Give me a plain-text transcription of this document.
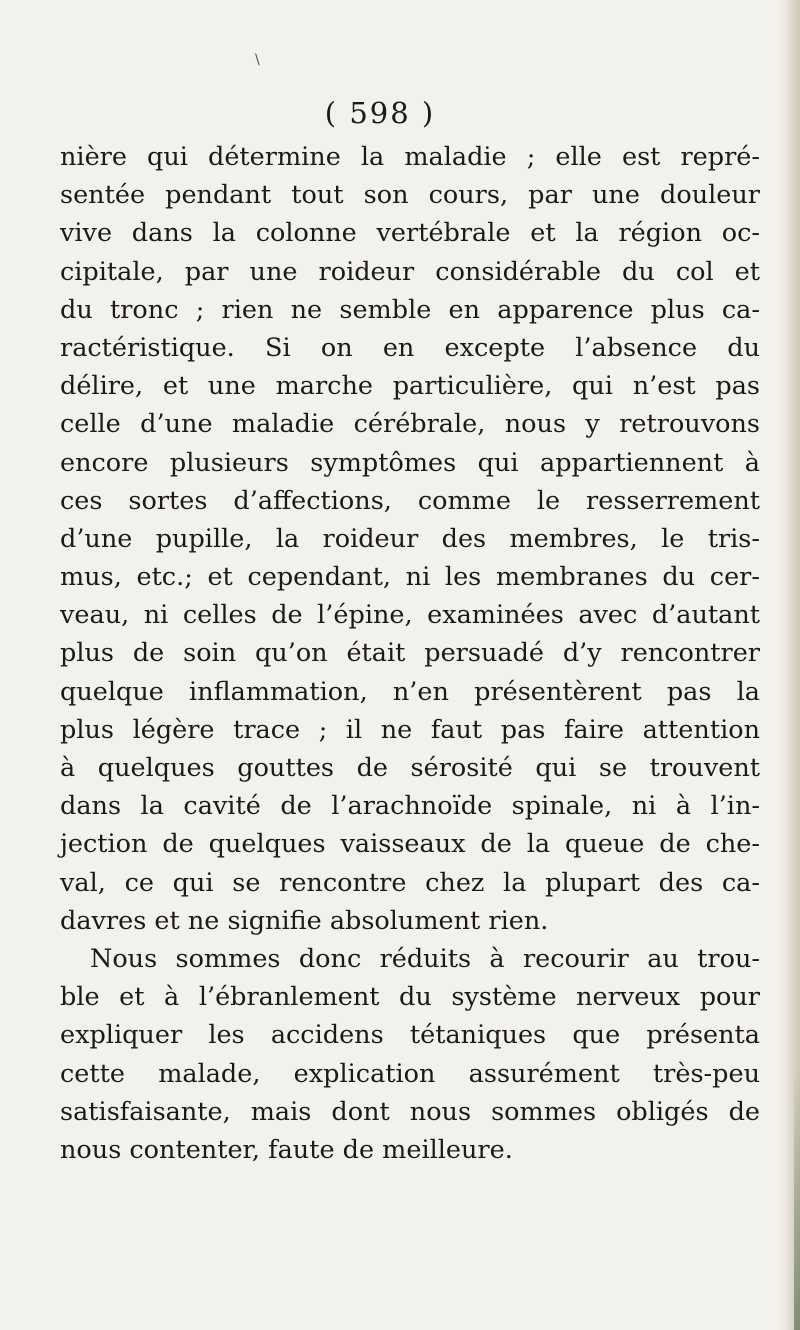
\
( 598 )
nière qui détermine la maladie ; elle est repré-
sentée pendant tout son cours, par une douleur
vive dans la colonne vertébrale et la région oc-
cipitale, par une roideur considérable du col et
du tronc ; rien ne semble en apparence plus ca-
ractéristique. Si on en excepte l’absence du
délire, et une marche particulière, qui n’est pas
celle d’une maladie cérébrale, nous y retrouvons
encore plusieurs symptômes qui appartiennent à
ces sortes d’affections, comme le resserrement
d’une pupille, la roideur des membres, le tris-
mus, etc.; et cependant, ni les membranes du cer-
veau, ni celles de l’épine, examinées avec d’autant
plus de soin qu’on était persuadé d’y rencontrer
quelque inflammation, n’en présentèrent pas la
plus légère trace ; il ne faut pas faire attention
à quelques gouttes de sérosité qui se trouvent
dans la cavité de l’arachnoïde spinale, ni à l’in-
jection de quelques vaisseaux de la queue de che-
val, ce qui se rencontre chez la plupart des ca-
davres et ne signifie absolument rien.
Nous sommes donc réduits à recourir au trou-
ble et à l’ébranlement du système nerveux pour
expliquer les accidens tétaniques que présenta
cette malade, explication assurément très-peu
satisfaisante, mais dont nous sommes obligés de
nous contenter, faute de meilleure.
